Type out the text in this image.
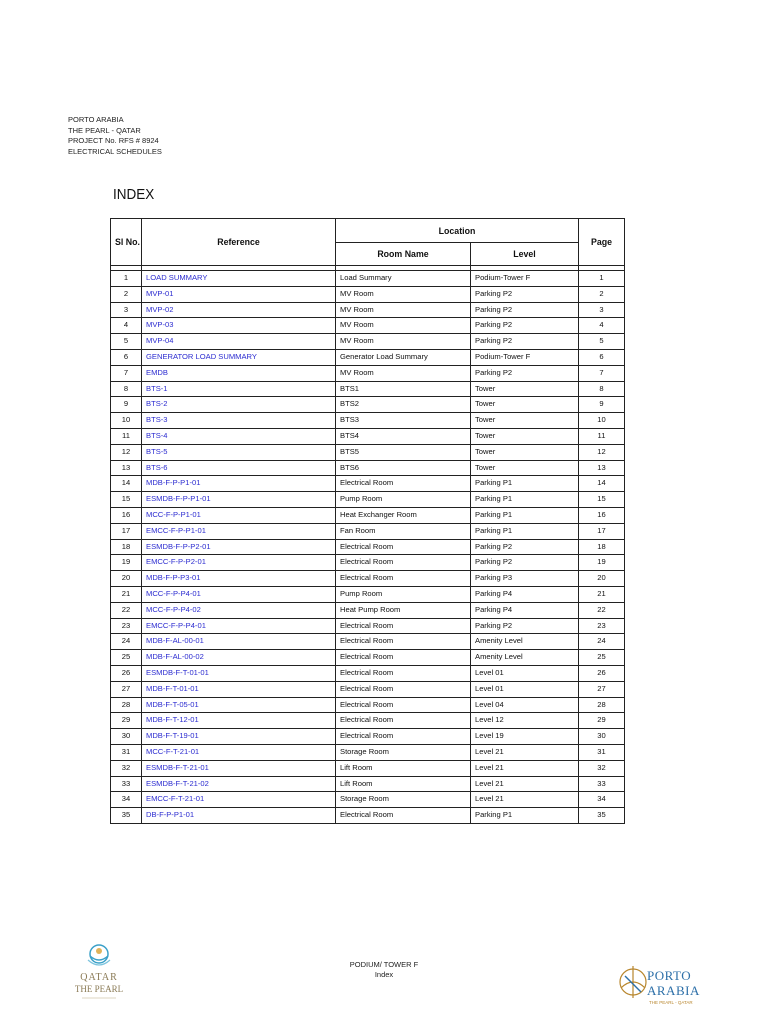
PORTO ARABIA
THE PEARL - QATAR
PROJECT No. RFS # 8924
ELECTRICAL SCHEDULES
INDEX
Sl No.	Reference	Location		Page
		Room Name	Level	

1	LOAD SUMMARY	Load Summary	Podium-Tower F	1
2	MVP-01	MV Room	Parking P2	2
3	MVP-02	MV Room	Parking P2	3
4	MVP-03	MV Room	Parking P2	4
5	MVP-04	MV Room	Parking P2	5
6	GENERATOR LOAD SUMMARY	Generator Load Summary	Podium-Tower F	6
7	EMDB	MV Room	Parking P2	7
8	BTS-1	BTS1	Tower	8
9	BTS-2	BTS2	Tower	9
10	BTS-3	BTS3	Tower	10
11	BTS-4	BTS4	Tower	11
12	BTS-5	BTS5	Tower	12
13	BTS-6	BTS6	Tower	13
14	MDB-F-P-P1-01	Electrical Room	Parking P1	14
15	ESMDB-F-P-P1-01	Pump Room	Parking P1	15
16	MCC-F-P-P1-01	Heat Exchanger Room	Parking P1	16
17	EMCC-F-P-P1-01	Fan Room	Parking P1	17
18	ESMDB-F-P-P2-01	Electrical Room	Parking P2	18
19	EMCC-F-P-P2-01	Electrical Room	Parking P2	19
20	MDB-F-P-P3-01	Electrical Room	Parking P3	20
21	MCC-F-P-P4-01	Pump Room	Parking P4	21
22	MCC-F-P-P4-02	Heat Pump Room	Parking P4	22
23	EMCC-F-P-P4-01	Electrical Room	Parking P2	23
24	MDB-F-AL-00-01	Electrical Room	Amenity Level	24
25	MDB-F-AL-00-02	Electrical Room	Amenity Level	25
26	ESMDB-F-T-01-01	Electrical Room	Level 01	26
27	MDB-F-T-01-01	Electrical Room	Level 01	27
28	MDB-F-T-05-01	Electrical Room	Level 04	28
29	MDB-F-T-12-01	Electrical Room	Level 12	29
30	MDB-F-T-19-01	Electrical Room	Level 19	30
31	MCC-F-T-21-01	Storage Room	Level 21	31
32	ESMDB-F-T-21-01	Lift Room	Level 21	32
33	ESMDB-F-T-21-02	Lift Room	Level 21	33
34	EMCC-F-T-21-01	Storage Room	Level 21	34
35	DB-F-P-P1-01	Electrical Room	Parking P1	35
QATAR
THE PEARL
PODIUM/ TOWER F
Index	PORTO
ARABIA
THE PEARL - QATAR
